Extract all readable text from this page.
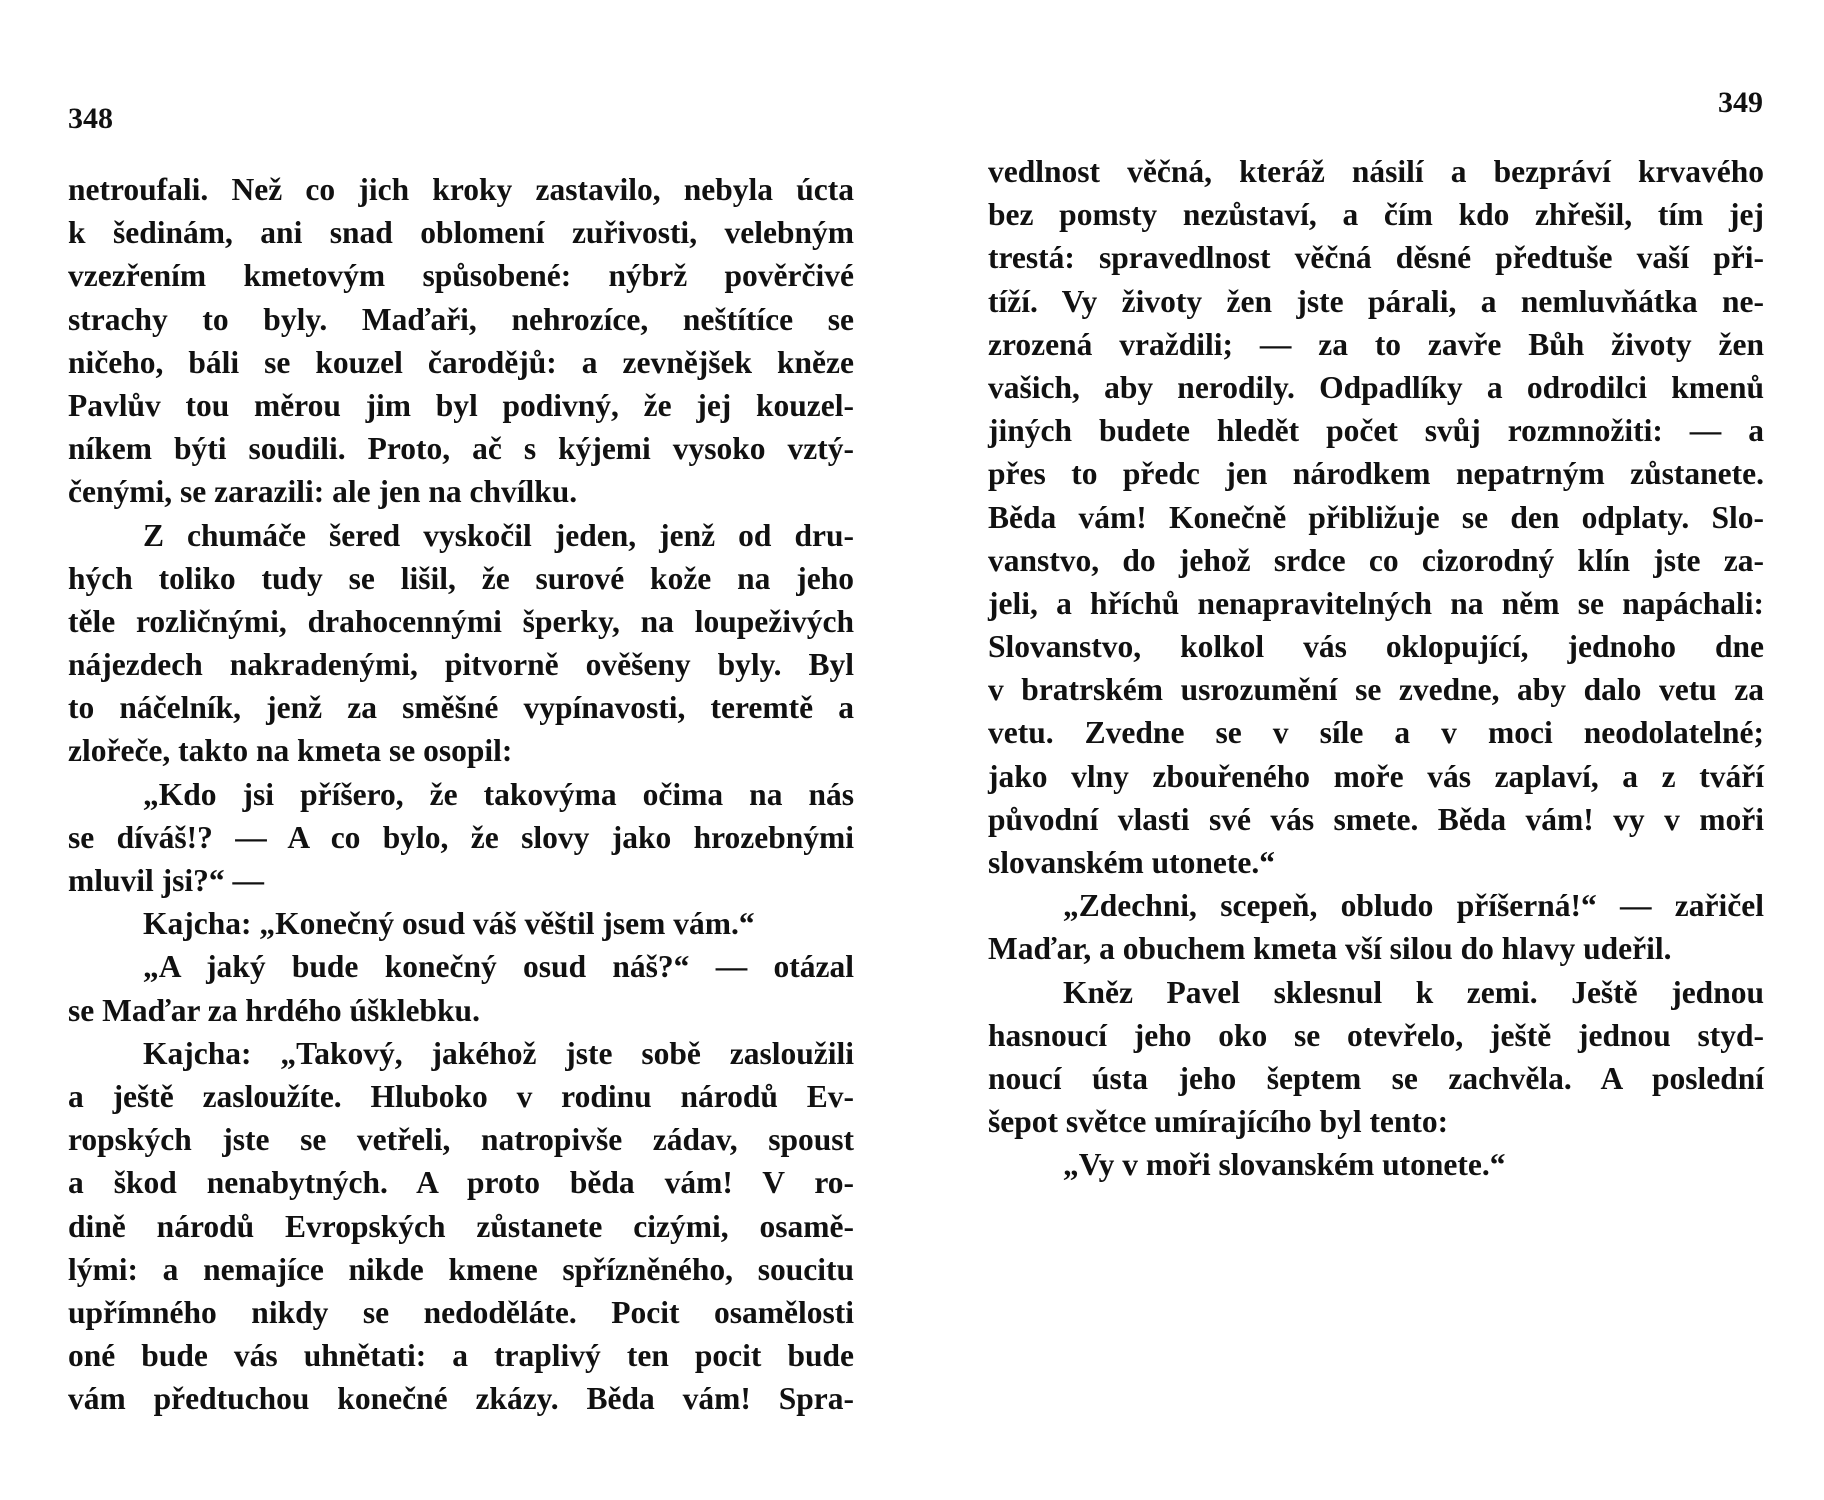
348
netroufali. Než co jich kroky zastavilo, nebyla úcta
k šedinám, ani snad oblomení zuřivosti, velebným
vzezřením kmetovým spůsobené: nýbrž pověrčivé
strachy to byly. Maďaři, nehrozíce, neštítíce se
ničeho, báli se kouzel čarodějů: a zevnějšek kněze
Pavlův tou měrou jim byl podivný, že jej kouzel-
níkem býti soudili. Proto, ač s kýjemi vysoko vztý-
čenými, se zarazili: ale jen na chvílku.
Z chumáče šered vyskočil jeden, jenž od dru-
hých toliko tudy se lišil, že surové kože na jeho
těle rozličnými, drahocennými šperky, na loupeživých
nájezdech nakradenými, pitvorně ověšeny byly. Byl
to náčelník, jenž za směšné vypínavosti, teremtě a
zlořeče, takto na kmeta se osopil:
„Kdo jsi příšero, že takovýma očima na nás
se díváš!? — A co bylo, že slovy jako hrozebnými
mluvil jsi?“ —
Kajcha: „Konečný osud váš věštil jsem vám.“
„A jaký bude konečný osud náš?“ — otázal
se Maďar za hrdého úšklebku.
Kajcha: „Takový, jakéhož jste sobě zasloužili
a ještě zasloužíte. Hluboko v rodinu národů Ev-
ropských jste se vetřeli, natropivše zádav, spoust
a škod nenabytných. A proto běda vám! V ro-
dině národů Evropských zůstanete cizými, osamě-
lými: a nemajíce nikde kmene spřízněného, soucitu
upřímného nikdy se nedoděláte. Pocit osamělosti
oné bude vás uhnětati: a traplivý ten pocit bude
vám předtuchou konečné zkázy. Běda vám! Spra-
349
vedlnost věčná, kteráž násilí a bezpráví krvavého
bez pomsty nezůstaví, a čím kdo zhřešil, tím jej
trestá: spravedlnost věčná děsné předtuše vaší při-
tíží. Vy životy žen jste párali, a nemluvňátka ne-
zrozená vraždili; — za to zavře Bůh životy žen
vašich, aby nerodily. Odpadlíky a odrodilci kmenů
jiných budete hledět počet svůj rozmnožiti: — a
přes to předc jen národkem nepatrným zůstanete.
Běda vám! Konečně přibližuje se den odplaty. Slo-
vanstvo, do jehož srdce co cizorodný klín jste za-
jeli, a hříchů nenapravitelných na něm se napáchali:
Slovanstvo, kolkol vás oklopující, jednoho dne
v bratrském usrozumění se zvedne, aby dalo vetu za
vetu. Zvedne se v síle a v moci neodolatelné;
jako vlny zbouřeného moře vás zaplaví, a z tváří
původní vlasti své vás smete. Běda vám! vy v moři
slovanském utonete.“
„Zdechni, scepeň, obludo příšerná!“ — zařičel
Maďar, a obuchem kmeta vší silou do hlavy udeřil.
Kněz Pavel sklesnul k zemi. Ještě jednou
hasnoucí jeho oko se otevřelo, ještě jednou styd-
noucí ústa jeho šeptem se zachvěla. A poslední
šepot světce umírajícího byl tento:
„Vy v moři slovanském utonete.“
